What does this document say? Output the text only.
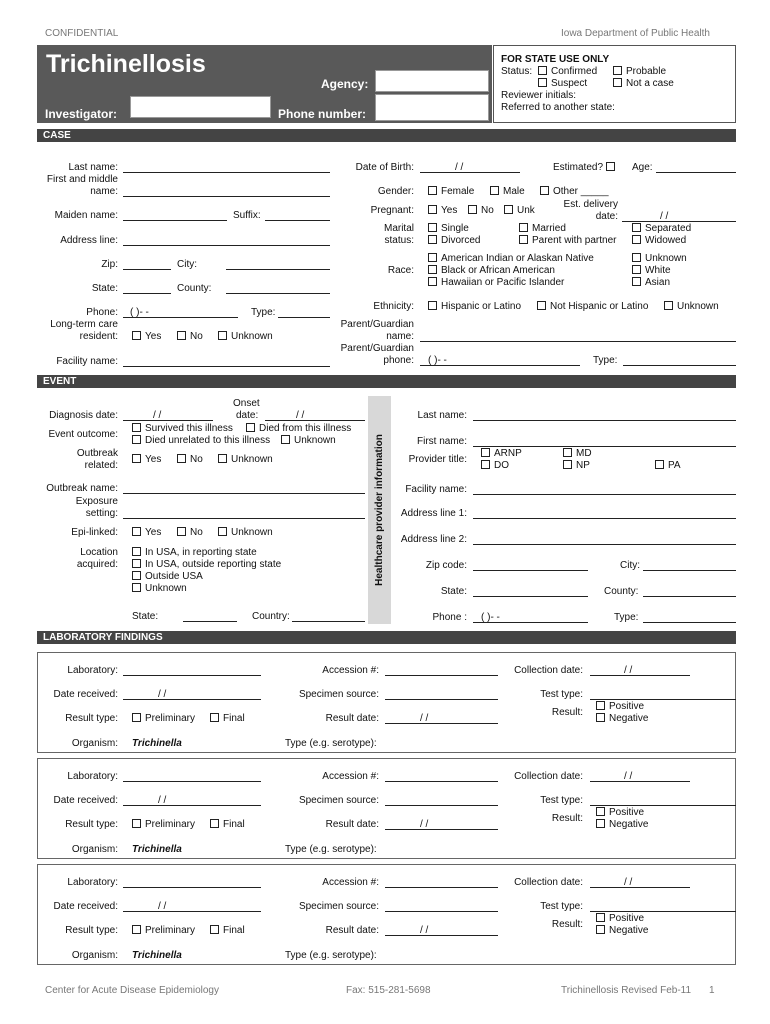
CONFIDENTIAL	Iowa Department of Public Health
Trichinellosis
Agency:
Investigator:	Phone number:
FOR STATE USE ONLY
Status:	Confirmed	Probable
Suspect	Not a case
Reviewer initials:
Referred to another state:
CASE
Last name:
First and middle
name:
Maiden name:	Suffix:
Address line:
Zip:	City:
State:	County:
Phone: ( )- -	Type:
Long-term care
resident:	Yes	No	Unknown
Facility name:
Date of Birth:	/ /	Estimated?	Age:
Gender:	Female	Male	Other _____
Pregnant:	Yes	No	Unk
Est. delivery
date:	/ /
Marital
status:
Single	Married	Separated
Divorced	Parent with partner	Widowed
Race:
American Indian or Alaskan Native	Unknown
Black or African American	White
Hawaiian or Pacific Islander	Asian
Ethnicity:	Hispanic or Latino	Not Hispanic or Latino	Unknown
Parent/Guardian
name:
Parent/Guardian
phone: ( )- -	Type:
EVENT
Diagnosis date:	/ /
Onset
date:	/ /
Event outcome:
Survived this illness	Died from this illness
Died unrelated to this illness	Unknown
Outbreak
related:
Yes	No	Unknown
Outbreak name:
Exposure
setting:
Epi-linked:	Yes	No	Unknown
Location
acquired:
In USA, in reporting state
In USA, outside reporting state
Outside USA
Unknown
State:	Country:
Healthcare provider information
Last name:
First name:
Provider title:
ARNP	MD
DO	NP	PA
Facility name:
Address line 1:
Address line 2:
Zip code:	City:
State:	County:
Phone : ( )- -	Type:
LABORATORY FINDINGS
Laboratory:	Accession #:	Collection date:	/ /
Date received:	/ /	Specimen source:	Test type:
Result:
Positive
Negative
Result type:	Preliminary	Final	Result date:	/ /
Organism: Trichinella	Type (e.g. serotype):
Laboratory:	Accession #:	Collection date:	/ /
Date received:	/ /	Specimen source:	Test type:
Result:
Positive
Negative
Result type:	Preliminary	Final	Result date:	/ /
Organism: Trichinella	Type (e.g. serotype):
Laboratory:	Accession #:	Collection date:	/ /
Date received:	/ /	Specimen source:	Test type:
Result:
Positive
Negative
Result type:	Preliminary	Final	Result date:	/ /
Organism: Trichinella	Type (e.g. serotype):
Center for Acute Disease Epidemiology	Fax: 515-281-5698	Trichinellosis Revised Feb-11 1
